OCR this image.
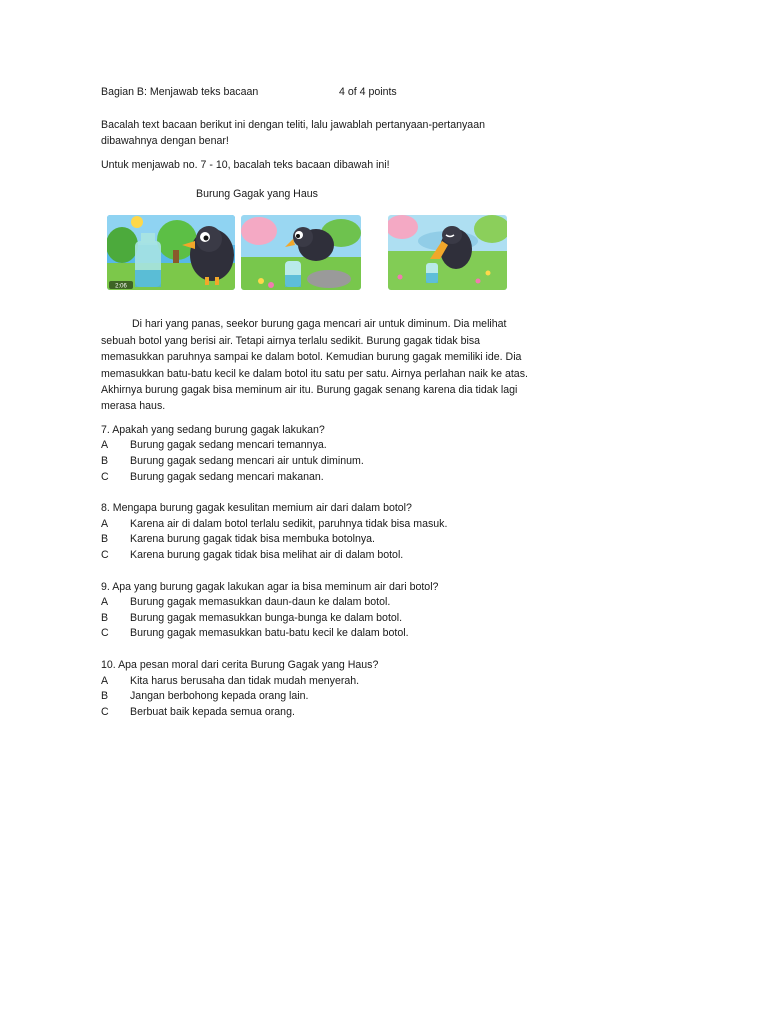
Bagian B: Menjawab teks bacaan	4 of 4 points

Bacalah text bacaan berikut ini dengan teliti, lalu jawablah pertanyaan-pertanyaan dibawahnya dengan benar!

Untuk menjawab no. 7 - 10, bacalah teks bacaan dibawah ini!

Burung Gagak yang Haus

2:06

Di hari yang panas, seekor burung gaga mencari air untuk diminum. Dia melihat sebuah botol yang berisi air. Tetapi airnya terlalu sedikit. Burung gagak tidak bisa memasukkan paruhnya sampai ke dalam botol. Kemudian burung gagak memiliki ide. Dia memasukkan batu-batu kecil ke dalam botol itu satu per satu. Airnya perlahan naik ke atas. Akhirnya burung gagak bisa meminum air itu. Burung gagak senang karena dia tidak lagi merasa haus.

7. Apakah yang sedang burung gagak lakukan?

A	Burung gagak sedang mencari temannya.
B	Burung gagak sedang mencari air untuk diminum.
C	Burung gagak sedang mencari makanan.

8. Mengapa burung gagak kesulitan memium air dari dalam botol?

A	Karena air di dalam botol terlalu sedikit, paruhnya tidak bisa masuk.
B	Karena burung gagak tidak bisa membuka botolnya.
C	Karena burung gagak tidak bisa melihat air di dalam botol.

9. Apa yang burung gagak lakukan agar ia bisa meminum air dari botol?

A	Burung gagak memasukkan daun-daun ke dalam botol.
B	Burung gagak memasukkan bunga-bunga ke dalam botol.
C	Burung gagak memasukkan batu-batu kecil ke dalam botol.

10. Apa pesan moral dari cerita Burung Gagak yang Haus?

A	Kita harus berusaha dan tidak mudah menyerah.
B	Jangan berbohong kepada orang lain.
C	Berbuat baik kepada semua orang.
